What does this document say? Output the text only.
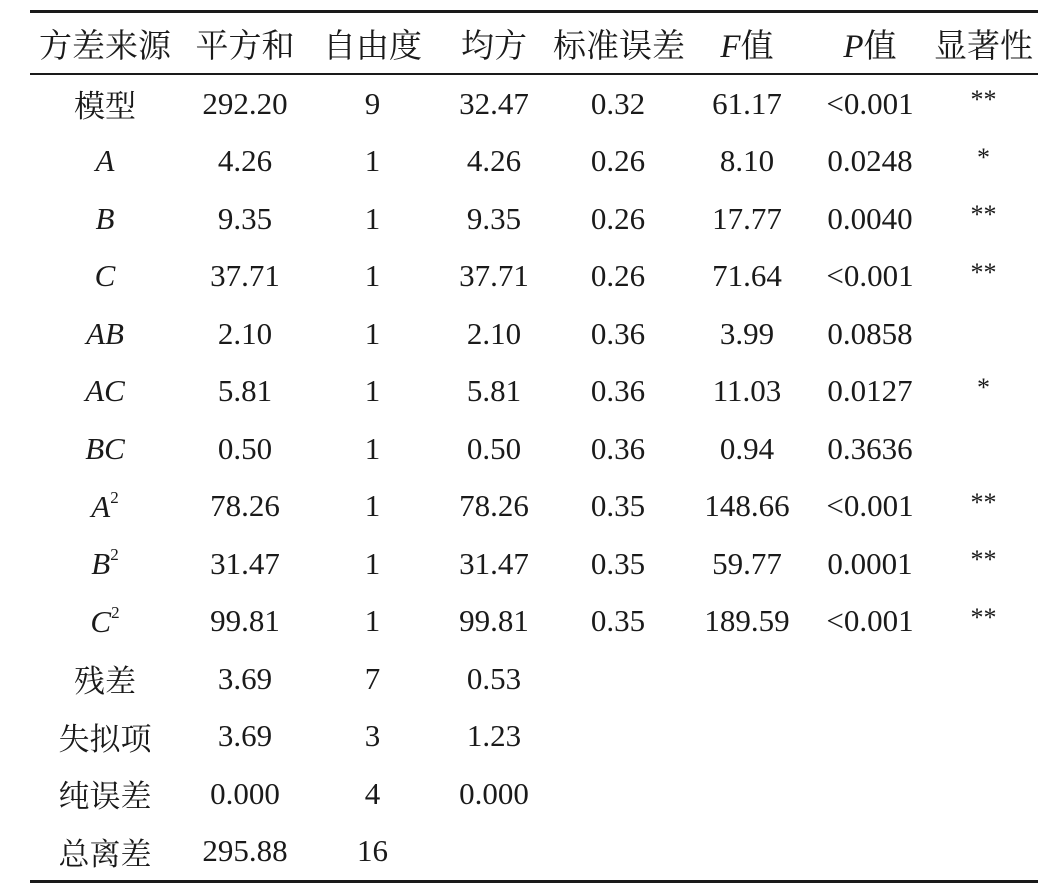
方差来源	平方和	自由度	均方	标准误差	F值	P值	显著性
模型	292.20	9	32.47	0.32	61.17	<0.001	**
A	4.26	1	4.26	0.26	8.10	0.0248	*
B	9.35	1	9.35	0.26	17.77	0.0040	**
C	37.71	1	37.71	0.26	71.64	<0.001	**
AB	2.10	1	2.10	0.36	3.99	0.0858	
AC	5.81	1	5.81	0.36	11.03	0.0127	*
BC	0.50	1	0.50	0.36	0.94	0.3636	
$A^2$	78.26	1	78.26	0.35	148.66	<0.001	**
$B^2$	31.47	1	31.47	0.35	59.77	0.0001	**
$C^2$	99.81	1	99.81	0.35	189.59	<0.001	**
残差	3.69	7	0.53				
失拟项	3.69	3	1.23				
纯误差	0.000	4	0.000				
总离差	295.88	16					
